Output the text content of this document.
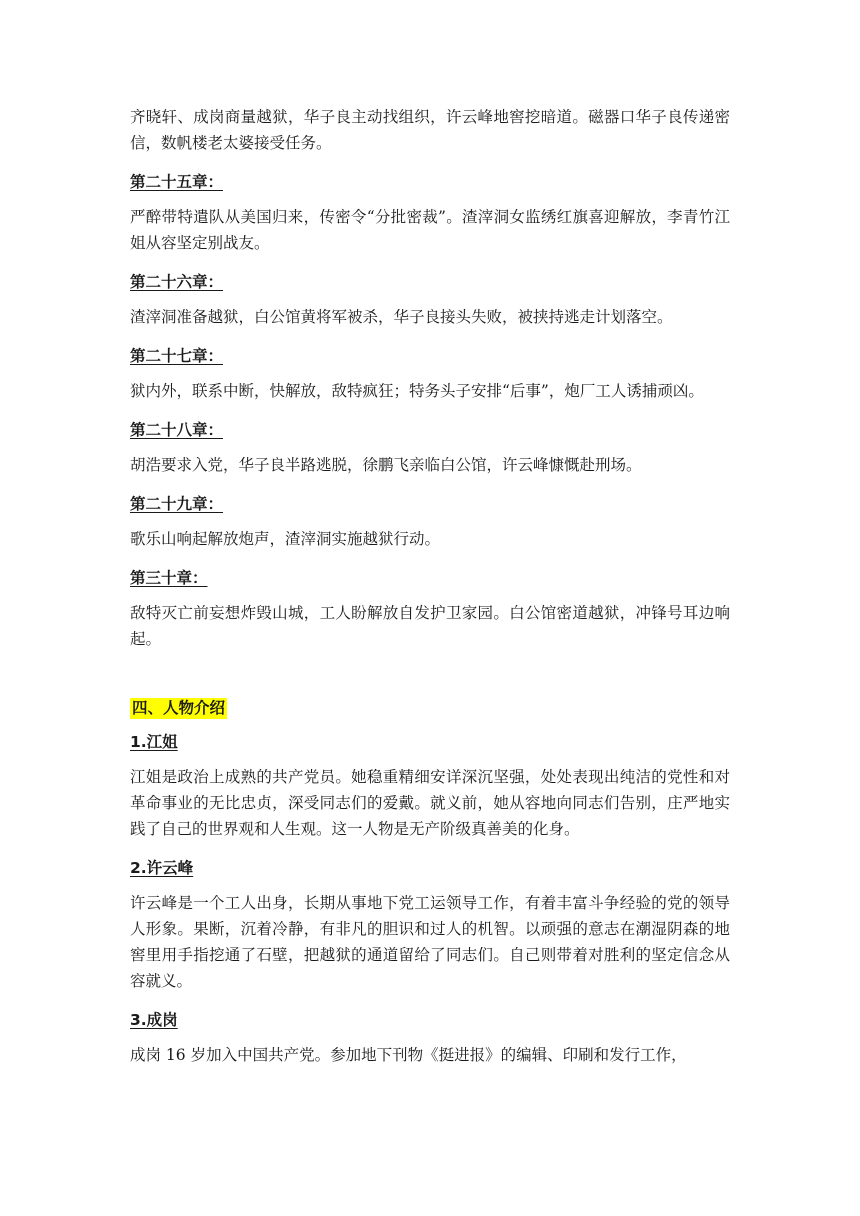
齐晓轩、成岗商量越狱，华子良主动找组织，许云峰地窖挖暗道。磁器口华子良传递密信，数帆楼老太婆接受任务。

第二十五章：

严醉带特遣队从美国归来，传密令“分批密裁”。渣滓洞女监绣红旗喜迎解放，李青竹江姐从容坚定别战友。

第二十六章：

渣滓洞准备越狱，白公馆黄将军被杀，华子良接头失败，被挟持逃走计划落空。

第二十七章：

狱内外，联系中断，快解放，敌特疯狂；特务头子安排“后事”，炮厂工人诱捕顽凶。

第二十八章：

胡浩要求入党，华子良半路逃脱，徐鹏飞亲临白公馆，许云峰慷慨赴刑场。

第二十九章：

歌乐山响起解放炮声，渣滓洞实施越狱行动。

第三十章：

敌特灭亡前妄想炸毁山城，工人盼解放自发护卫家园。白公馆密道越狱，冲锋号耳边响起。

四、人物介绍

1.江姐

江姐是政治上成熟的共产党员。她稳重精细安详深沉坚强，处处表现出纯洁的党性和对革命事业的无比忠贞，深受同志们的爱戴。就义前，她从容地向同志们告别，庄严地实践了自己的世界观和人生观。这一人物是无产阶级真善美的化身。

2.许云峰

许云峰是一个工人出身，长期从事地下党工运领导工作，有着丰富斗争经验的党的领导人形象。果断，沉着冷静，有非凡的胆识和过人的机智。以顽强的意志在潮湿阴森的地窖里用手指挖通了石壁，把越狱的通道留给了同志们。自己则带着对胜利的坚定信念从容就义。

3.成岗

成岗 16 岁加入中国共产党。参加地下刊物《挺进报》的编辑、印刷和发行工作，
